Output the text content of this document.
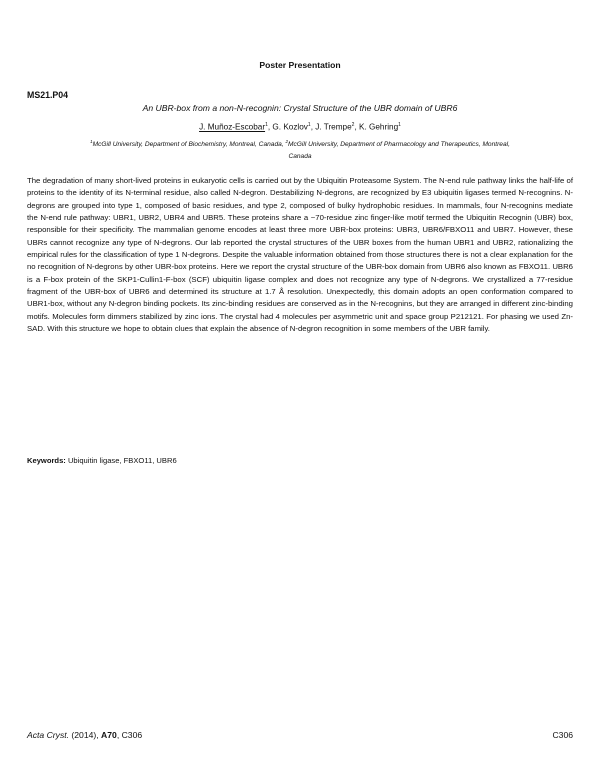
Poster Presentation
MS21.P04
An UBR-box from a non-N-recognin: Crystal Structure of the UBR domain of UBR6
J. Muñoz-Escobar$^1$, G. Kozlov$^1$, J. Trempe$^2$, K. Gehring$^1$
$^1$McGill University, Department of Biochemistry, Montreal, Canada, $^2$McGill University, Department of Pharmacology and Therapeutics, Montreal, Canada
The degradation of many short-lived proteins in eukaryotic cells is carried out by the Ubiquitin Proteasome System. The N-end rule pathway links the half-life of proteins to the identity of its N-terminal residue, also called N-degron. Destabilizing N-degrons, are recognized by E3 ubiquitin ligases termed N-recognins. N-degrons are grouped into type 1, composed of basic residues, and type 2, composed of bulky hydrophobic residues. In mammals, four N-recognins mediate the N-end rule pathway: UBR1, UBR2, UBR4 and UBR5. These proteins share a ~70-residue zinc finger-like motif termed the Ubiquitin Recognin (UBR) box, responsible for their specificity. The mammalian genome encodes at least three more UBR-box proteins: UBR3, UBR6/FBXO11 and UBR7. However, these UBRs cannot recognize any type of N-degrons. Our lab reported the crystal structures of the UBR boxes from the human UBR1 and UBR2, rationalizing the empirical rules for the classification of type 1 N-degrons. Despite the valuable information obtained from those structures there is not a clear explanation for the no recognition of N-degrons by other UBR-box proteins. Here we report the crystal structure of the UBR-box domain from UBR6 also known as FBXO11. UBR6 is a F-box protein of the SKP1-Cullin1-F-box (SCF) ubiquitin ligase complex and does not recognize any type of N-degrons. We crystallized a 77-residue fragment of the UBR-box of UBR6 and determined its structure at 1.7 Å resolution. Unexpectedly, this domain adopts an open conformation compared to UBR1-box, without any N-degron binding pockets. Its zinc-binding residues are conserved as in the N-recognins, but they are arranged in different zinc-binding motifs. Molecules form dimmers stabilized by zinc ions. The crystal had 4 molecules per asymmetric unit and space group P212121. For phasing we used Zn-SAD. With this structure we hope to obtain clues that explain the absence of N-degron recognition in some members of the UBR family.
Keywords: Ubiquitin ligase, FBXO11, UBR6
Acta Cryst. (2014), A70, C306	C306
